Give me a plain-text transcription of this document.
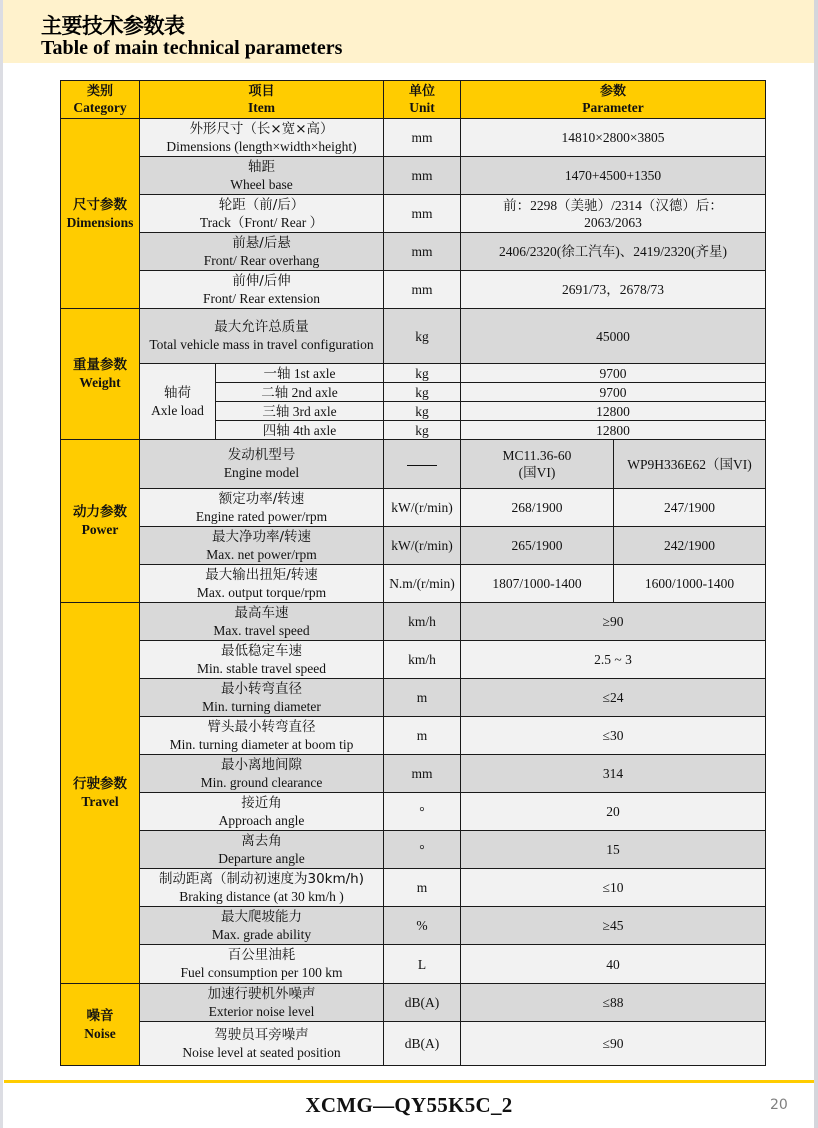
主要技术参数表
Table of main technical parameters
类别
Category	项目
Item		单位
Unit	参数
Parameter	

尺寸参数
Dimensions	外形尺寸（长×宽×高）
Dimensions (length×width×height)		mm	14810×2800×3805	

	轴距
Wheel base		mm	1470+4500+1350	

	轮距（前/后）
Track（Front/ Rear ）		mm	前：2298（美驰）/2314（汉德）后：
2063/2063	

	前悬/后悬
Front/ Rear overhang		mm	2406/2320(徐工汽车)、2419/2320(齐星)	

	前伸/后伸
Front/ Rear extension		mm	2691/73，2678/73	

重量参数
Weight	最大允许总质量
Total vehicle mass in travel configuration		kg	45000	

	轴荷
Axle load	一轴 1st axle	kg	9700	
		二轴 2nd axle	kg	9700	
		三轴 3rd axle	kg	12800	
		四轴 4th axle	kg	12800	

动力参数
Power	发动机型号
Engine model			MC11.36-60
(国VI)	WP9H336E62（国VI)

	额定功率/转速
Engine rated power/rpm		kW/(r/min)	268/1900	247/1900

	最大净功率/转速
Max. net power/rpm		kW/(r/min)	265/1900	242/1900

	最大输出扭矩/转速
Max. output torque/rpm		N.m/(r/min)	1807/1000-1400	1600/1000-1400

行驶参数
Travel	最高车速
Max. travel speed		km/h	≥90	

	最低稳定车速
Min. stable travel speed		km/h	2.5 ~ 3	

	最小转弯直径
Min. turning diameter		m	≤24	

	臂头最小转弯直径
Min. turning diameter at boom tip		m	≤30	

	最小离地间隙
Min. ground clearance		mm	314	

	接近角
Approach angle		°	20	

	离去角
Departure angle		°	15	

	制动距离（制动初速度为30km/h)
Braking distance (at 30 km/h )		m	≤10	

	最大爬坡能力
Max. grade ability		%	≥45	

	百公里油耗
Fuel consumption per 100 km		L	40	

噪音
Noise	加速行驶机外噪声
Exterior noise level		dB(A)	≤88	

	驾驶员耳旁噪声
Noise level at seated position		dB(A)	≤90	
XCMG—QY55K5C_2	20
